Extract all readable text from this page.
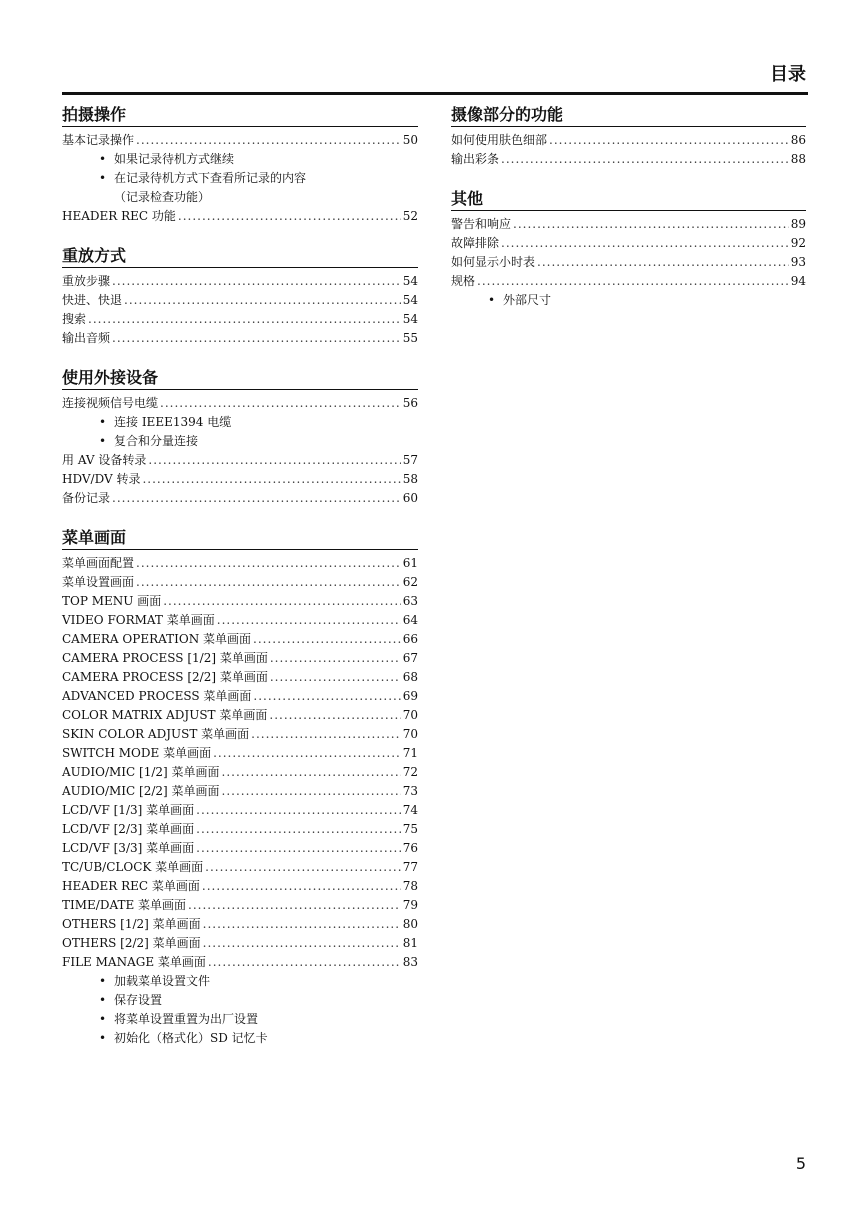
目录
拍摄操作
基本记录操作 .....	50
• 如果记录待机方式继续
• 在记录待机方式下查看所记录的内容
（记录检查功能）
HEADER REC 功能 .....	52
重放方式
重放步骤 .....	54
快进、快退 .....	54
搜索 .....	54
输出音频 .....	55
使用外接设备
连接视频信号电缆 .....	56
• 连接 IEEE1394 电缆
• 复合和分量连接
用 AV 设备转录 .....	57
HDV/DV 转录 .....	58
备份记录 .....	60
菜单画面
菜单画面配置 .....	61
菜单设置画面 .....	62
TOP MENU 画面 .....	63
VIDEO FORMAT 菜单画面 .....	64
CAMERA OPERATION 菜单画面 .....	66
CAMERA PROCESS [1/2] 菜单画面 .....	67
CAMERA PROCESS [2/2] 菜单画面 .....	68
ADVANCED PROCESS 菜单画面 .....	69
COLOR MATRIX ADJUST 菜单画面 .....	70
SKIN COLOR ADJUST 菜单画面 .....	70
SWITCH MODE 菜单画面 .....	71
AUDIO/MIC [1/2] 菜单画面 .....	72
AUDIO/MIC [2/2] 菜单画面 .....	73
LCD/VF [1/3] 菜单画面 .....	74
LCD/VF [2/3] 菜单画面 .....	75
LCD/VF [3/3] 菜单画面 .....	76
TC/UB/CLOCK 菜单画面 .....	77
HEADER REC 菜单画面 .....	78
TIME/DATE 菜单画面 .....	79
OTHERS [1/2] 菜单画面 .....	80
OTHERS [2/2] 菜单画面 .....	81
FILE MANAGE 菜单画面 .....	83
• 加载菜单设置文件
• 保存设置
• 将菜单设置重置为出厂设置
• 初始化（格式化）SD 记忆卡
摄像部分的功能
如何使用肤色细部 .....	86
输出彩条 .....	88
其他
警告和响应 .....	89
故障排除 .....	92
如何显示小时表 .....	93
规格 .....	94
• 外部尺寸
5
